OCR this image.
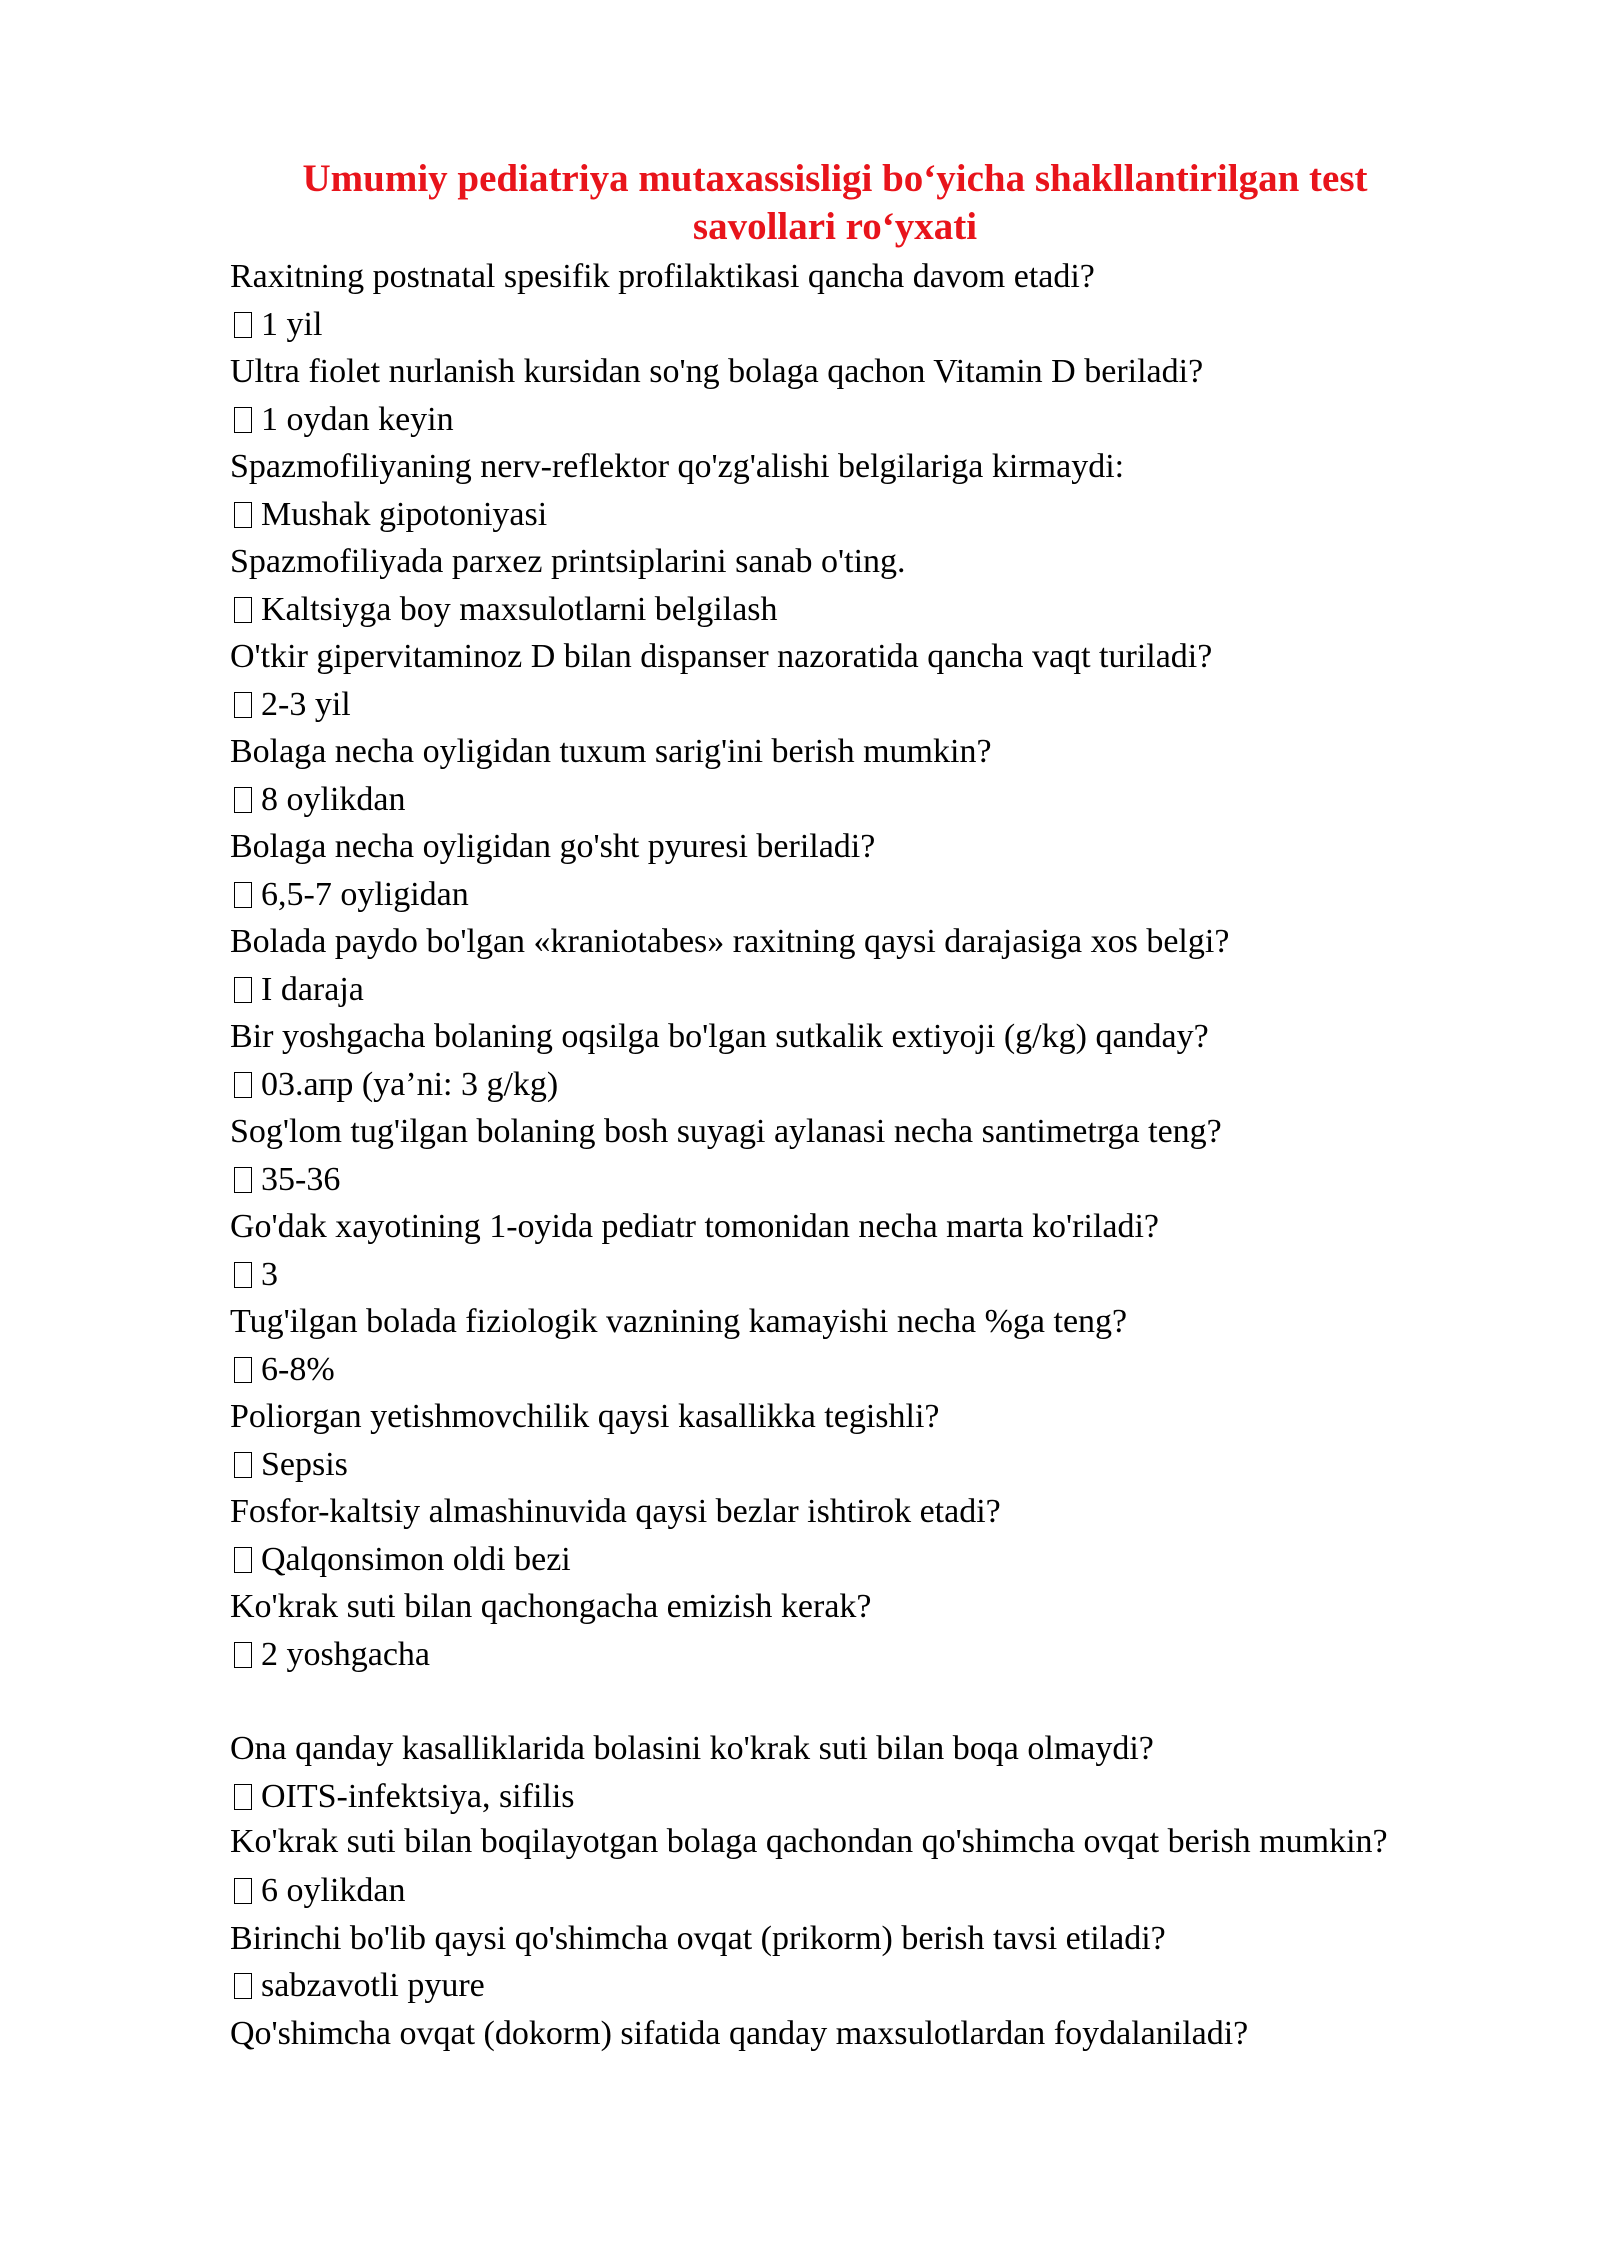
Umumiy pediatriya mutaxassisligi bo‘yicha shakllantirilgan test savollari ro‘yxati

Raxitning postnatal spesifik profilaktikasi qancha davom etadi?

1 yil

Ultra fiolet nurlanish kursidan so'ng bolaga qachon Vitamin D beriladi?

1 oydan keyin

Spazmofiliyaning nerv-reflektor qo'zg'alishi belgilariga kirmaydi:

Mushak gipotoniyasi

Spazmofiliyada parxez printsiplarini sanab o'ting.

Kaltsiyga boy maxsulotlarni belgilash

O'tkir gipervitaminoz D bilan dispanser nazoratida qancha vaqt turiladi?

2-3 yil

Bolaga necha oyligidan tuxum sarig'ini berish mumkin?

8 oylikdan

Bolaga necha oyligidan go'sht pyuresi beriladi?

6,5-7 oyligidan

Bolada paydo bo'lgan «kraniotabes» raxitning qaysi darajasiga xos belgi?

I daraja

Bir yoshgacha bolaning oqsilga bo'lgan sutkalik extiyoji (g/kg) qanday?

03.апр (ya’ni: 3 g/kg)

Sog'lom tug'ilgan bolaning bosh suyagi aylanasi necha santimetrga teng?

35-36

Go'dak xayotining 1-oyida pediatr tomonidan necha marta ko'riladi?

3

Tug'ilgan bolada fiziologik vaznining kamayishi necha %ga teng?

6-8%

Poliorgan yetishmovchilik qaysi kasallikka tegishli?

Sepsis

Fosfor-kaltsiy almashinuvida qaysi bezlar ishtirok etadi?

Qalqonsimon oldi bezi

Ko'krak suti bilan qachongacha emizish kerak?

2 yoshgacha

Ona qanday kasalliklarida bolasini ko'krak suti bilan boqa olmaydi?

OITS-infektsiya, sifilis

Ko'krak suti bilan boqilayotgan bolaga qachondan qo'shimcha ovqat berish mumkin?

6 oylikdan

Birinchi bo'lib qaysi qo'shimcha ovqat (prikorm) berish tavsi etiladi?

sabzavotli pyure

Qo'shimcha ovqat (dokorm) sifatida qanday maxsulotlardan foydalaniladi?
